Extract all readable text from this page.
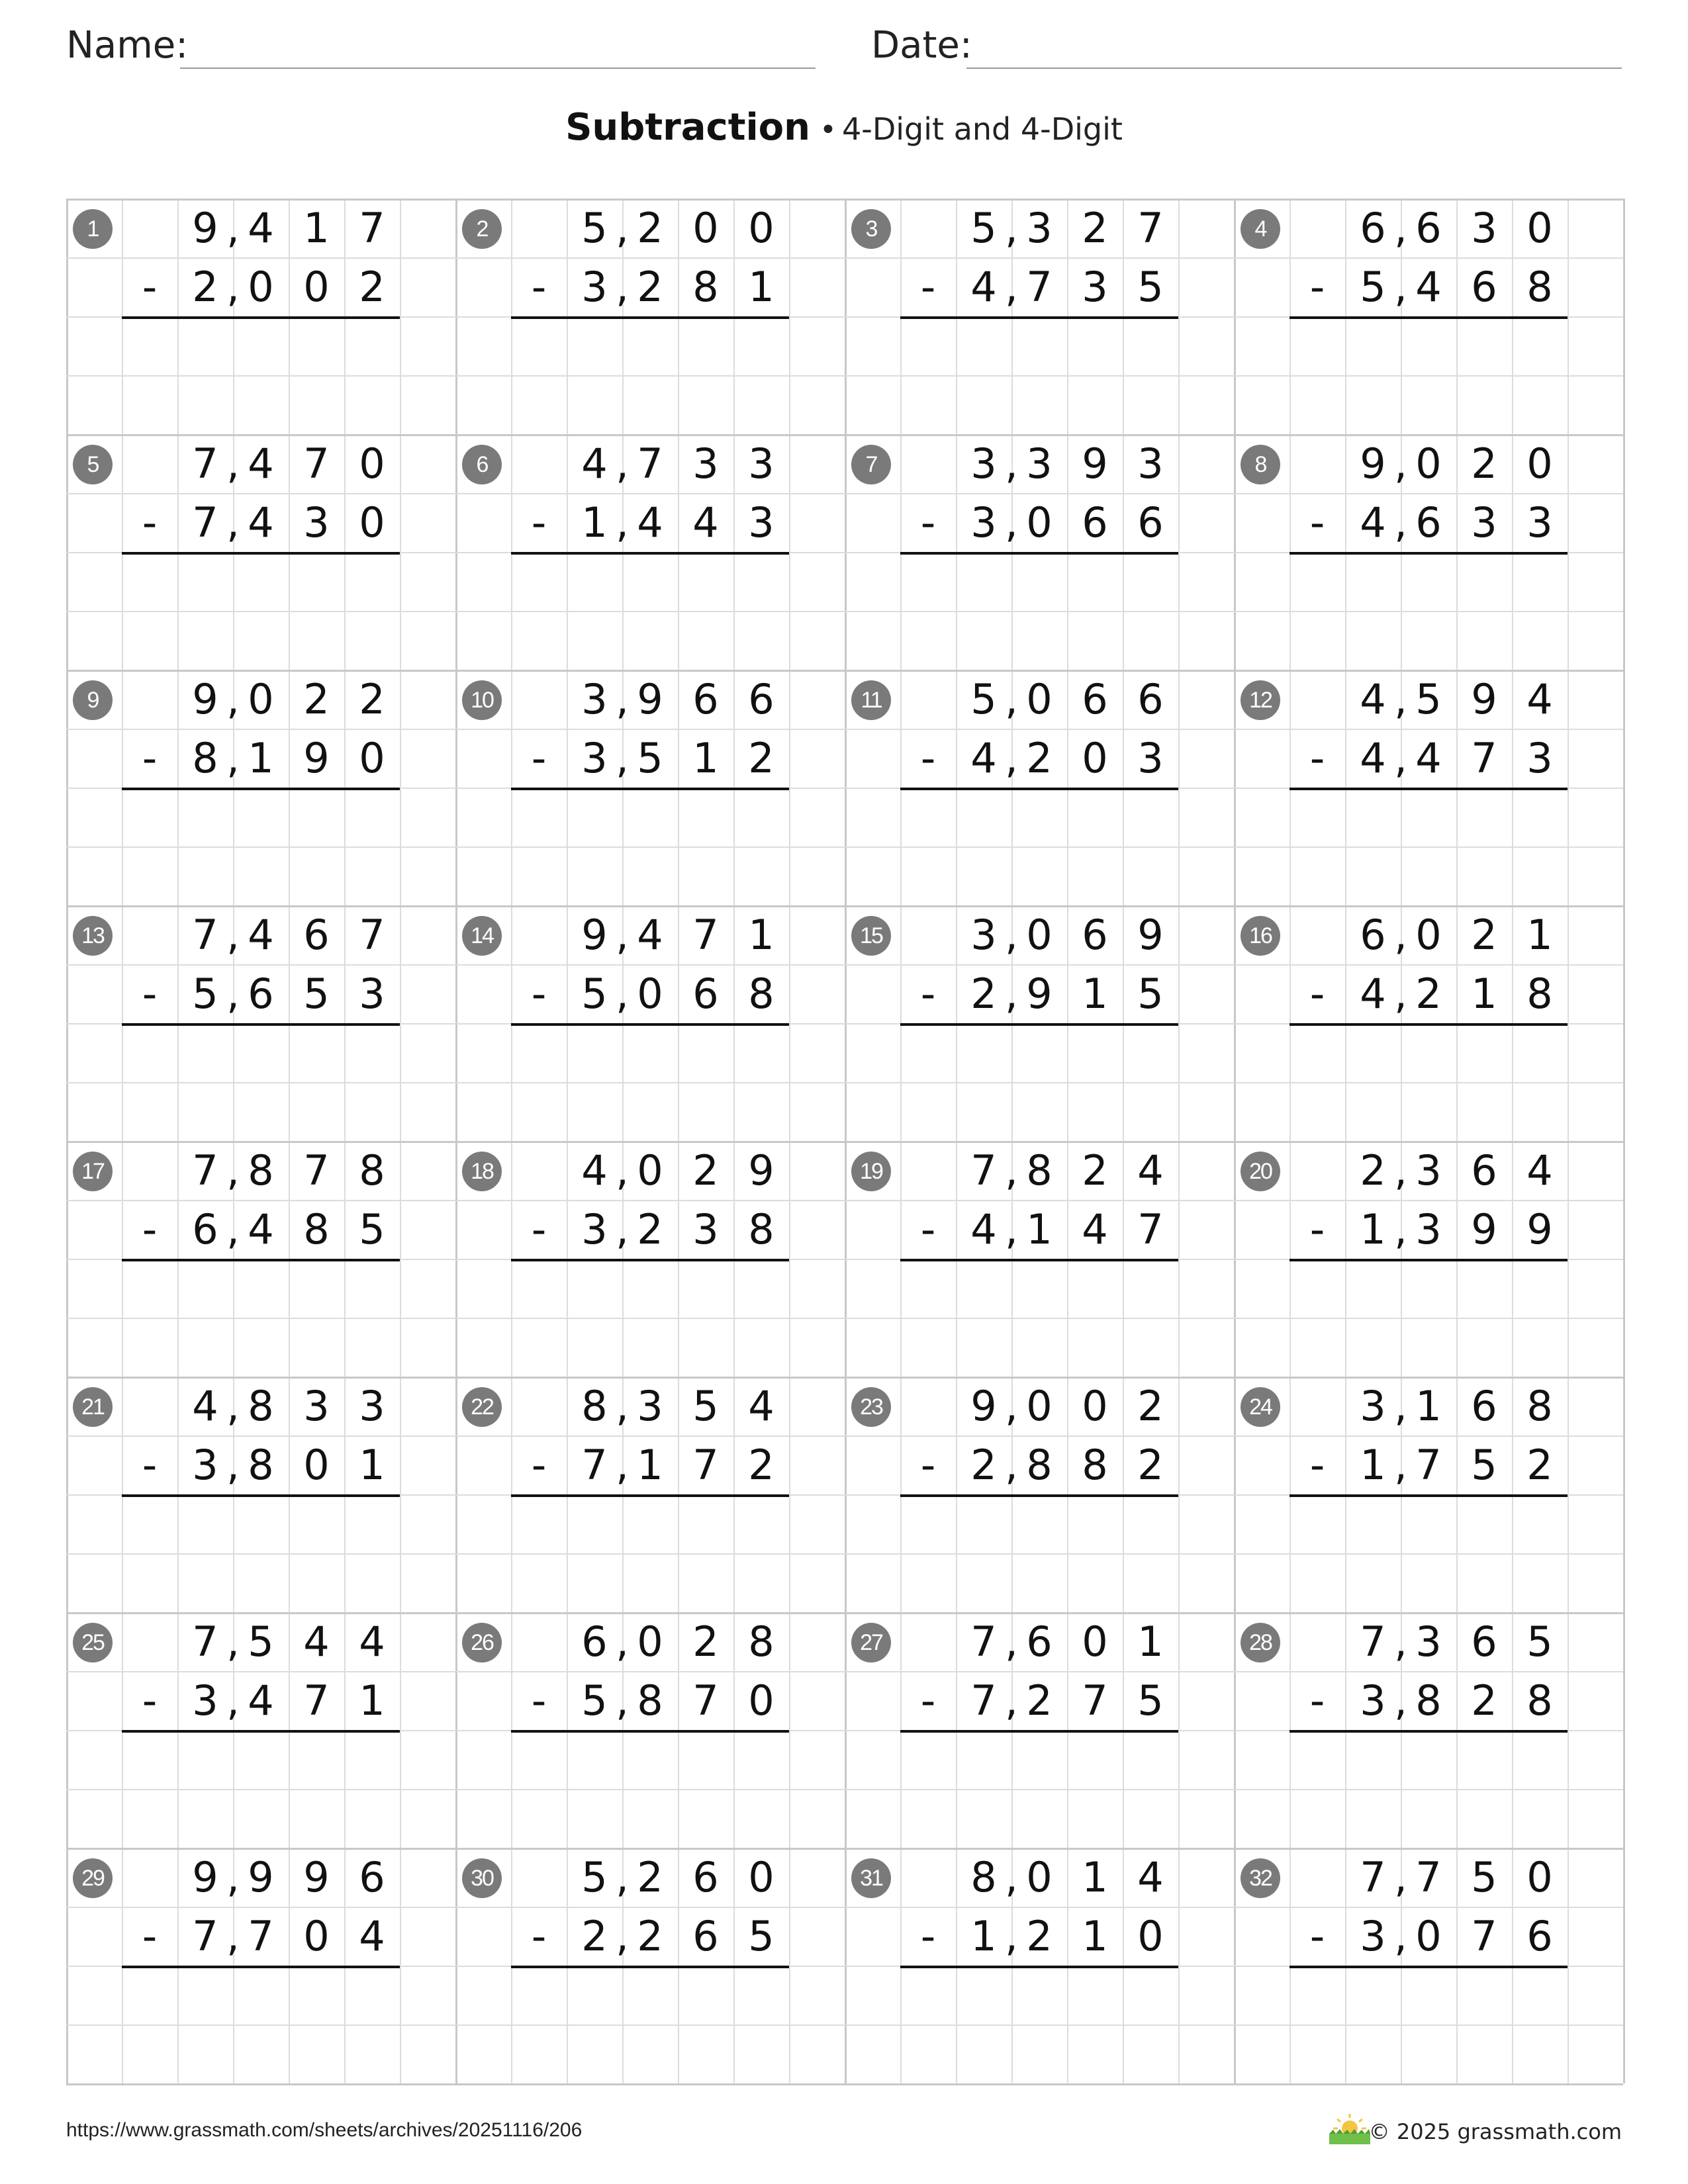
Name:	Date:
Subtraction • 4-Digit and 4-Digit
1
-
9 4 1 7
,
2 0 0 2
,
2
-
5 2 0 0
,
3 2 8 1
,
3
-
5 3 2 7
,
4 7 3 5
,
4
-
6 6 3 0
,
5 4 6 8
,
5
-
7 4 7 0
,
7 4 3 0
,
6
-
4 7 3 3
,
1 4 4 3
,
7
-
3 3 9 3
,
3 0 6 6
,
8
-
9 0 2 0
,
4 6 3 3
,
9
-
9 0 2 2
,
8 1 9 0
,
10
-
3 9 6 6
,
3 5 1 2
,
11
-
5 0 6 6
,
4 2 0 3
,
12
-
4 5 9 4
,
4 4 7 3
,
13
-
7 4 6 7
,
5 6 5 3
,
14
-
9 4 7 1
,
5 0 6 8
,
15
-
3 0 6 9
,
2 9 1 5
,
16
-
6 0 2 1
,
4 2 1 8
,
17
-
7 8 7 8
,
6 4 8 5
,
18
-
4 0 2 9
,
3 2 3 8
,
19
-
7 8 2 4
,
4 1 4 7
,
20
-
2 3 6 4
,
1 3 9 9
,
21
-
4 8 3 3
,
3 8 0 1
,
22
-
8 3 5 4
,
7 1 7 2
,
23
-
9 0 0 2
,
2 8 8 2
,
24
-
3 1 6 8
,
1 7 5 2
,
25
-
7 5 4 4
,
3 4 7 1
,
26
-
6 0 2 8
,
5 8 7 0
,
27
-
7 6 0 1
,
7 2 7 5
,
28
-
7 3 6 5
,
3 8 2 8
,
29
-
9 9 9 6
,
7 7 0 4
,
30
-
5 2 6 0
,
2 2 6 5
,
31
-
8 0 1 4
,
1 2 1 0
,
32
-
7 7 5 0
,
3 0 7 6
,
https://www.grassmath.com/sheets/archives/20251116/206	© 2025 grassmath.com
